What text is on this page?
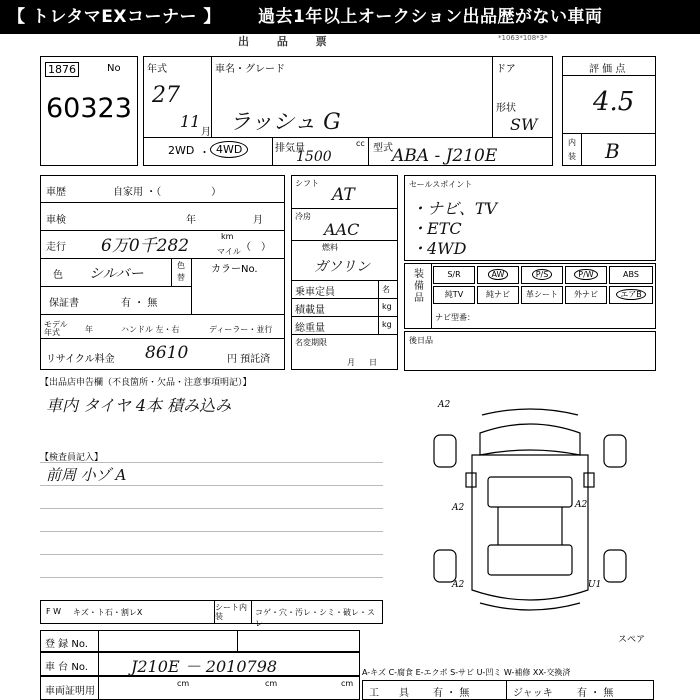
【 トレタマEXコーナー 】 過去1年以上オークション出品歴がない車両
出 品 票	*1063*108*3*
1876	No
60323
年式
27
11
月
車名・グレード
ラッシュ G
ドア
形状
SW
2WD ・ 4WD	排気量	cc
1500
型式 ABA - J210E
評 価 点
4.5
内
装 B
車歴	自家用 ・（　　　　　）
車検	年	月
走行 6万0千282	km
マイル （　）
色 シルバー
色
替
カラーNo.
保証書	有 ・ 無
モデル年式	年	ハンドル 左・右	ディーラー・並行
リサイクル料金 8610	円 預託済
シフト
AT
冷房
AAC
燃料
ガソリン
乗車定員	名
積載量	kg
総重量	kg
名変期限
月日
セールスポイント
・ナビ、TV
・ETC
・4WD
装備品
S/R	AW	P/S	P/W	ABS
純TV	純ナビ	革シート	外ナビ	エアB
ナビ型番：
後日品
【出品店申告欄（不良箇所・欠品・注意事項明記）】
車内 タイヤ 4本 積み込み
【検査員記入】
前周 小ゾ A
A2
A2	A2
A2	U1
スペア
F W キズ・ト石・割レX
シート内装	コゲ・穴・汚レ・シミ・破レ・スレ
登 録 No.
車 台 No.	J210E － 2010798
車両証明用
cm	cm	cm
A-キズ C-腐食 E-エクボ S-サビ U-凹ミ W-補修 XX-交換済
工　　具 有 ・ 無	ジャッキ 有 ・ 無
